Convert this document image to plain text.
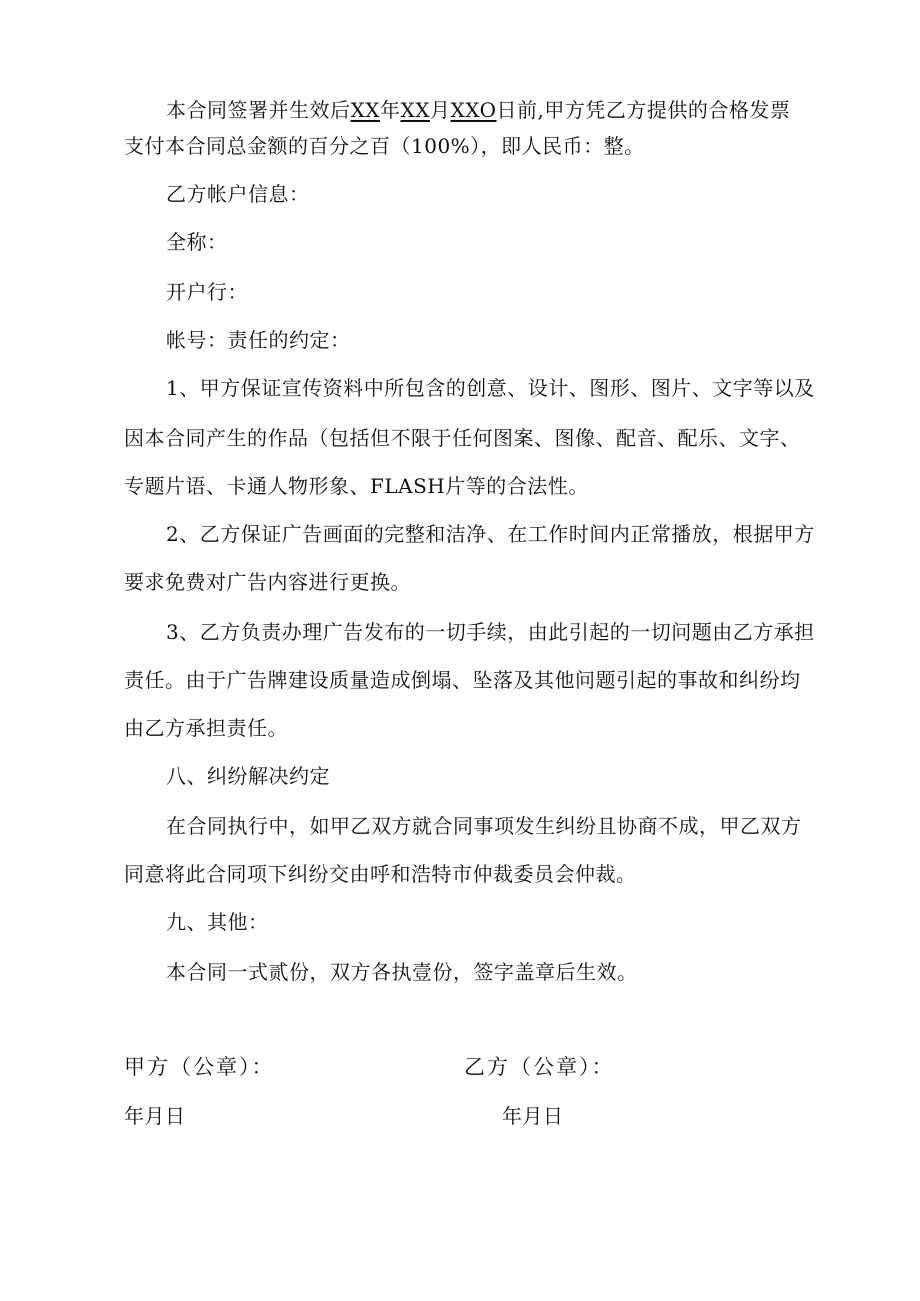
本合同签署并生效后XX年XX月XXO日前,甲方凭乙方提供的合格发票
支付本合同总金额的百分之百（100%），即人民币：整。
乙方帐户信息：
全称：
开户行：
帐号：责任的约定：
1、甲方保证宣传资料中所包含的创意、设计、图形、图片、文字等以及
因本合同产生的作品（包括但不限于任何图案、图像、配音、配乐、文字、
专题片语、卡通人物形象、FLASH片等的合法性。
2、乙方保证广告画面的完整和洁净、在工作时间内正常播放，根据甲方
要求免费对广告内容进行更换。
3、乙方负责办理广告发布的一切手续，由此引起的一切问题由乙方承担
责任。由于广告牌建设质量造成倒塌、坠落及其他问题引起的事故和纠纷均
由乙方承担责任。
八、纠纷解决约定
在合同执行中，如甲乙双方就合同事项发生纠纷且协商不成，甲乙双方
同意将此合同项下纠纷交由呼和浩特市仲裁委员会仲裁。
九、其他：
本合同一式贰份，双方各执壹份，签字盖章后生效。
甲方（公章）：	乙方（公章）：
年月日	年月日
